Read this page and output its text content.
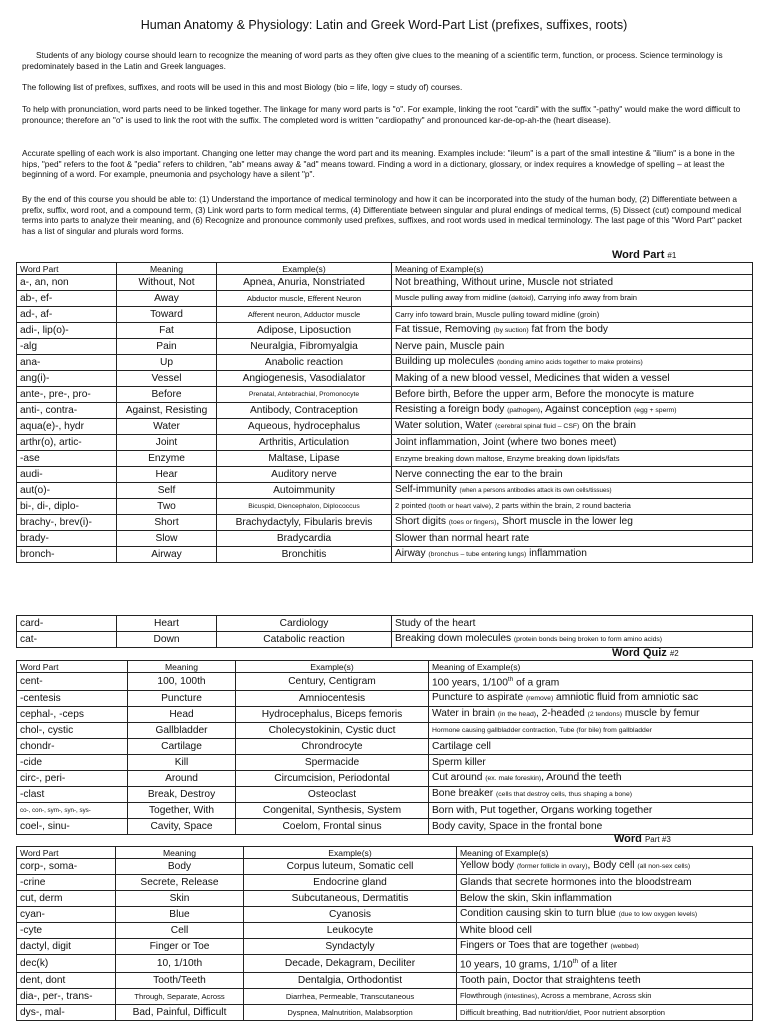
Human Anatomy & Physiology: Latin and Greek Word-Part List (prefixes, suffixes, roots)

Students of any biology course should learn to recognize the meaning of word parts as they often give clues to the meaning of a scientific term, function, or process. Science terminology is predominately based in the Latin and Greek languages.

The following list of prefixes, suffixes, and roots will be used in this and most Biology (bio = life, logy = study of) courses.

To help with pronunciation, word parts need to be linked together. The linkage for many word parts is "o". For example, linking the root "cardi" with the suffix "-pathy" would make the word difficult to pronounce; therefore an "o" is used to link the root with the suffix. The completed word is written "cardiopathy" and pronounced kar-de-op-ah-the (heart disease).

Accurate spelling of each work is also important. Changing one letter may change the word part and its meaning. Examples include: "ileum" is a part of the small intestine & "ilium" is a bone in the hips, "ped" refers to the foot & "pedia" refers to children, "ab" means away & "ad" means toward. Finding a word in a dictionary, glossary, or index requires a knowledge of spelling – at least the beginning of a word. For example, pneumonia and psychology have a silent "p".

By the end of this course you should be able to: (1) Understand the importance of medical terminology and how it can be incorporated into the study of the human body, (2) Differentiate between a prefix, suffix, word root, and a compound term, (3) Link word parts to form medical terms, (4) Differentiate between singular and plural endings of medical terms, (5) Dissect (cut) compound medical terms into parts to analyze their meaning, and (6) Recognize and pronounce commonly used prefixes, suffixes, and root words used in medical terminology. The last page of this "Word Part" packet has a list of singular and plurals word forms.

Word Part #1
Word Part	Meaning	Example(s)	Meaning of Example(s)
a-, an, non	Without, Not	Apnea, Anuria, Nonstriated	Not breathing, Without urine, Muscle not striated
ab-, ef-	Away	Abductor muscle, Efferent Neuron	Muscle pulling away from midline (deltoid), Carrying info away from brain
ad-, af-	Toward	Afferent neuron, Adductor muscle	Carry info toward brain, Muscle pulling toward midline (groin)
adi-, lip(o)-	Fat	Adipose, Liposuction	Fat tissue, Removing (by suction) fat from the body
-alg	Pain	Neuralgia, Fibromyalgia	Nerve pain, Muscle pain
ana-	Up	Anabolic reaction	Building up molecules (bonding amino acids together to make proteins)
ang(i)-	Vessel	Angiogenesis, Vasodialator	Making of a new blood vessel, Medicines that widen a vessel
ante-, pre-, pro-	Before	Prenatal, Antebrachial, Promonocyte	Before birth, Before the upper arm, Before the monocyte is mature
anti-, contra-	Against, Resisting	Antibody, Contraception	Resisting a foreign body (pathogen), Against conception (egg + sperm)
aqua(e)-, hydr	Water	Aqueous, hydrocephalus	Water solution, Water (cerebral spinal fluid – CSF) on the brain
arthr(o), artic-	Joint	Arthritis, Articulation	Joint inflammation, Joint (where two bones meet)
-ase	Enzyme	Maltase, Lipase	Enzyme breaking down maltose, Enzyme breaking down lipids/fats
audi-	Hear	Auditory nerve	Nerve connecting the ear to the brain
aut(o)-	Self	Autoimmunity	Self-immunity (when a persons antibodies attack its own cells/tissues)
bi-, di-, diplo-	Two	Bicuspid, Diencephalon, Diplococcus	2 pointed (tooth or heart valve), 2 parts within the brain, 2 round bacteria
brachy-, brev(i)-	Short	Brachydactyly, Fibularis brevis	Short digits (toes or fingers), Short muscle in the lower leg
brady-	Slow	Bradycardia	Slower than normal heart rate
bronch-	Airway	Bronchitis	Airway (bronchus – tube entering lungs) inflammation
card-	Heart	Cardiology	Study of the heart
cat-	Down	Catabolic reaction	Breaking down molecules (protein bonds being broken to form amino acids)
Word Quiz #2
Word Part	Meaning	Example(s)	Meaning of Example(s)
cent-	100, 100th	Century, Centigram	100 years, 1/100th of a gram
-centesis	Puncture	Amniocentesis	Puncture to aspirate (remove) amniotic fluid from amniotic sac
cephal-, -ceps	Head	Hydrocephalus, Biceps femoris	Water in brain (in the head), 2-headed (2 tendons) muscle by femur
chol-, cystic	Gallbladder	Cholecystokinin, Cystic duct	Hormone causing gallbladder contraction, Tube (for bile) from gallbladder
chondr-	Cartilage	Chrondrocyte	Cartilage cell
-cide	Kill	Spermacide	Sperm killer
circ-, peri-	Around	Circumcision, Periodontal	Cut around (ex. male foreskin), Around the teeth
-clast	Break, Destroy	Osteoclast	Bone breaker (cells that destroy cells, thus shaping a bone)
co-, con-, sym-, syn-, sys-	Together, With	Congenital, Synthesis, System	Born with, Put together, Organs working together
coel-, sinu-	Cavity, Space	Coelom, Frontal sinus	Body cavity, Space in the frontal bone
Word Part #3
Word Part	Meaning	Example(s)	Meaning of Example(s)
corp-, soma-	Body	Corpus luteum, Somatic cell	Yellow body (former follicle in ovary), Body cell (all non-sex cells)
-crine	Secrete, Release	Endocrine gland	Glands that secrete hormones into the bloodstream
cut, derm	Skin	Subcutaneous, Dermatitis	Below the skin, Skin inflammation
cyan-	Blue	Cyanosis	Condition causing skin to turn blue (due to low oxygen levels)
-cyte	Cell	Leukocyte	White blood cell
dactyl, digit	Finger or Toe	Syndactyly	Fingers or Toes that are together (webbed)
dec(k)	10, 1/10th	Decade, Dekagram, Deciliter	10 years, 10 grams, 1/10th of a liter
dent, dont	Tooth/Teeth	Dentalgia, Orthodontist	Tooth pain, Doctor that straightens teeth
dia-, per-, trans-	Through, Separate, Across	Diarrhea, Permeable, Transcutaneous	Flowthrough (intestines), Across a membrane, Across skin
dys-, mal-	Bad, Painful, Difficult	Dyspnea, Malnutrition, Malabsorption	Difficult breathing, Bad nutrition/diet, Poor nutrient absorption
